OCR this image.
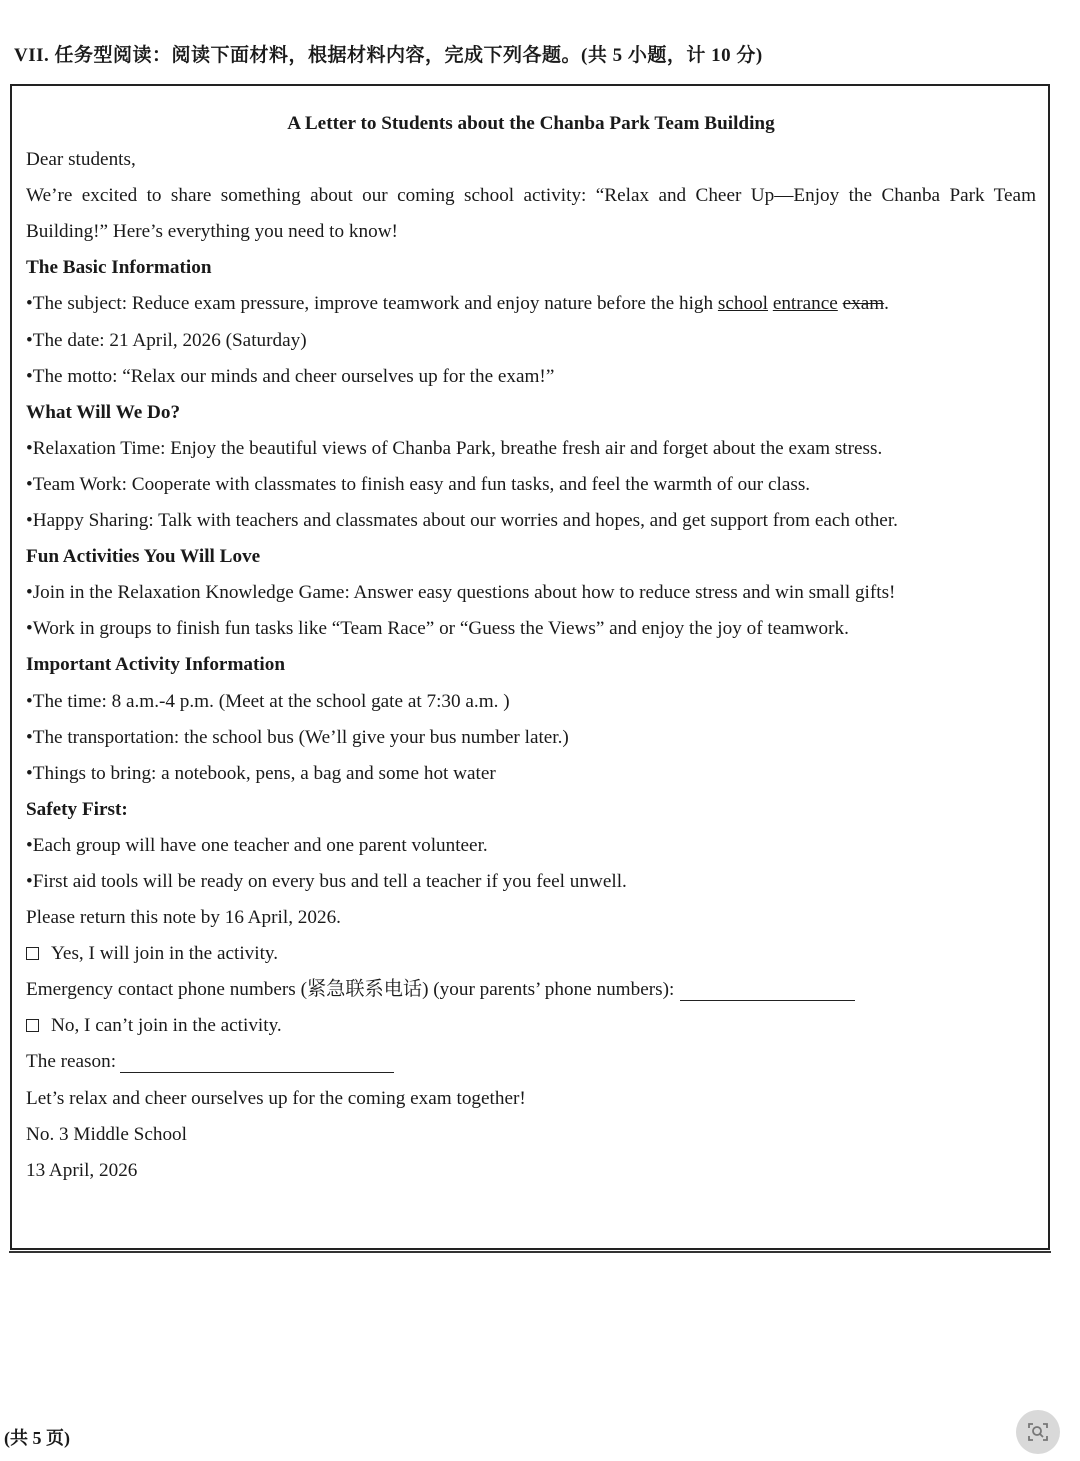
VII. 任务型阅读：阅读下面材料，根据材料内容，完成下列各题。(共 5 小题，计 10 分)
A Letter to Students about the Chanba Park Team Building
Dear students,
We’re excited to share something about our coming school activity: “Relax and Cheer Up—Enjoy the Chanba Park Team Building!” Here’s everything you need to know!
The Basic Information
•The subject: Reduce exam pressure, improve teamwork and enjoy nature before the high school entrance exam.
•The date: 21 April, 2026 (Saturday)
•The motto: “Relax our minds and cheer ourselves up for the exam!”
What Will We Do?
•Relaxation Time: Enjoy the beautiful views of Chanba Park, breathe fresh air and forget about the exam stress.
•Team Work: Cooperate with classmates to finish easy and fun tasks, and feel the warmth of our class.
•Happy Sharing: Talk with teachers and classmates about our worries and hopes, and get support from each other.
Fun Activities You Will Love
•Join in the Relaxation Knowledge Game: Answer easy questions about how to reduce stress and win small gifts!
•Work in groups to finish fun tasks like “Team Race” or “Guess the Views” and enjoy the joy of teamwork.
Important Activity Information
•The time: 8 a.m.-4 p.m. (Meet at the school gate at 7:30 a.m. )
•The transportation: the school bus (We’ll give your bus number later.)
•Things to bring: a notebook, pens, a bag and some hot water
Safety First:
•Each group will have one teacher and one parent volunteer.
•First aid tools will be ready on every bus and tell a teacher if you feel unwell.
Please return this note by 16 April, 2026.
Yes, I will join in the activity.
Emergency contact phone numbers (紧急联系电话) (your parents’ phone numbers):
No, I can’t join in the activity.
The reason:
Let’s relax and cheer ourselves up for the coming exam together!
No. 3 Middle School
13 April, 2026
(共 5 页)
